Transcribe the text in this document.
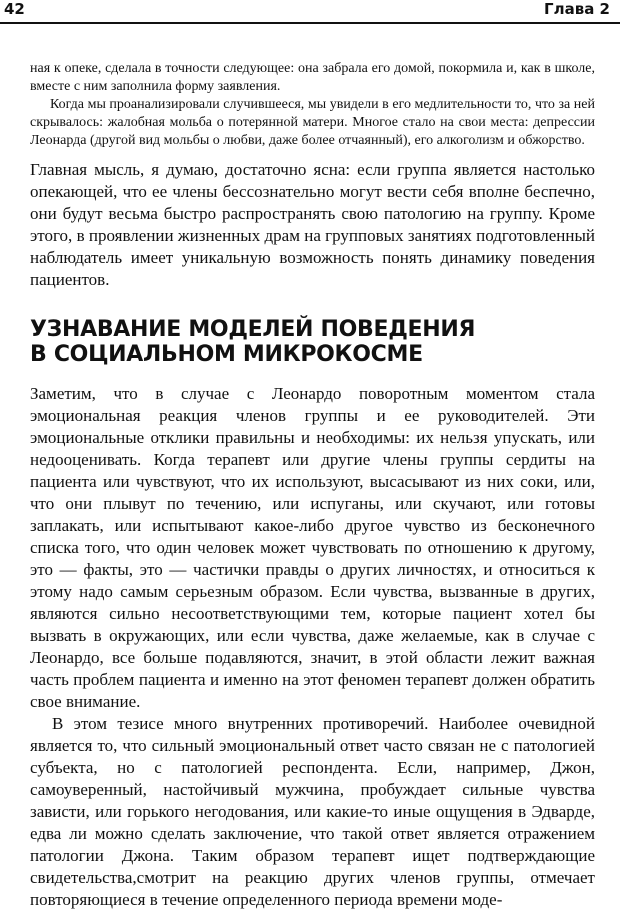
42	Глава 2

ная к опеке, сделала в точности следующее: она забрала его домой, покормила и, как в школе, вместе с ним заполнила форму заявления.

Когда мы проанализировали случившееся, мы увидели в его медлительности то, что за ней скрывалось: жалобная мольба о потерянной матери. Многое стало на свои места: депрессии Леонарда (другой вид мольбы о любви, даже более отчаянный), его алкоголизм и обжорство.

Главная мысль, я думаю, достаточно ясна: если группа является настолько опекающей, что ее члены бессознательно могут вести себя вполне беспечно, они будут весьма быстро распространять свою патологию на группу. Кроме этого, в проявлении жизненных драм на групповых занятиях подготовленный наблюдатель имеет уникальную возможность понять динамику поведения пациентов.

УЗНАВАНИЕ МОДЕЛЕЙ ПОВЕДЕНИЯ
В СОЦИАЛЬНОМ МИКРОКОСМЕ

Заметим, что в случае с Леонардо поворотным моментом стала эмоциональная реакция членов группы и ее руководителей. Эти эмоциональные отклики правильны и необходимы: их нельзя упускать, или недооценивать. Когда терапевт или другие члены группы сердиты на пациента или чувствуют, что их используют, высасывают из них соки, или, что они плывут по течению, или испуганы, или скучают, или готовы заплакать, или испытывают какое-либо другое чувство из бесконечного списка того, что один человек может чувствовать по отношению к другому, это — факты, это — частички правды о других личностях, и относиться к этому надо самым серьезным образом. Если чувства, вызванные в других, являются сильно несоответствующими тем, которые пациент хотел бы вызвать в окружающих, или если чувства, даже желаемые, как в случае с Леонардо, все больше подавляются, значит, в этой области лежит важная часть проблем пациента и именно на этот феномен терапевт должен обратить свое внимание.

В этом тезисе много внутренних противоречий. Наиболее очевидной является то, что сильный эмоциональный ответ часто связан не с патологией субъекта, но с патологией респондента. Если, например, Джон, самоуверенный, настойчивый мужчина, пробуждает сильные чувства зависти, или горького негодования, или какие-то иные ощущения в Эдварде, едва ли можно сделать заключение, что такой ответ является отражением патологии Джона. Таким образом терапевт ищет подтверждающие свидетельства,смотрит на реакцию других членов группы, отмечает повторяющиеся в течение определенного периода времени моде-
